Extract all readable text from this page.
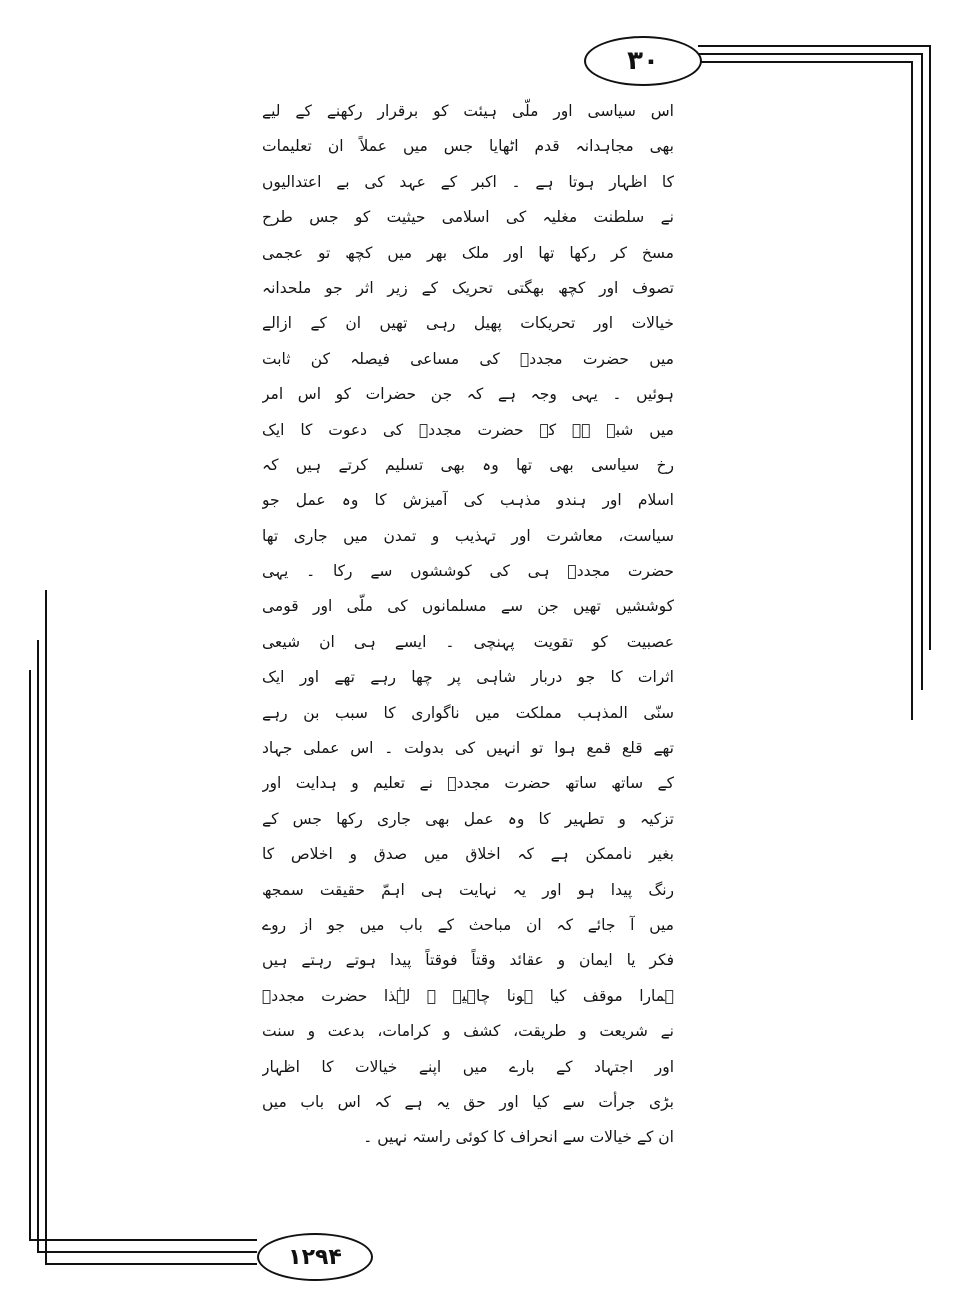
۳۰
۱۲۹۴
اس سیاسی اور ملّی ہیئت کو برقرار رکھنے کے لیے
بھی مجاہدانہ قدم اٹھایا جس میں عملاً ان تعلیمات
کا اظہار ہوتا ہے ۔ اکبر کے عہد کی بے اعتدالیوں
نے سلطنت مغلیہ کی اسلامی حیثیت کو جس طرح
مسخ کر رکھا تھا اور ملک بھر میں کچھ تو عجمی
تصوف اور کچھ بھگتی تحریک کے زیر اثر جو ملحدانہ
خیالات اور تحریکات پھیل رہی تھیں ان کے ازالے
میں حضرت مجددؒ کی مساعی فیصلہ کن ثابت
ہوئیں ۔ یہی وجہ ہے کہ جن حضرات کو اس امر
میں شبہ ہے کہ حضرت مجددؒ کی دعوت کا ایک
رخ سیاسی بھی تھا وہ بھی تسلیم کرتے ہیں کہ
اسلام اور ہندو مذہب کی آمیزش کا وہ عمل جو
سیاست، معاشرت اور تہذیب و تمدن میں جاری تھا
حضرت مجددؒ ہی کی کوششوں سے رکا ۔ یہی
کوششیں تھیں جن سے مسلمانوں کی ملّی اور قومی
عصبیت کو تقویت پہنچی ۔ ایسے ہی ان شیعی
اثرات کا جو دربار شاہی پر چھا رہے تھے اور ایک
سنّی المذہب مملکت میں ناگواری کا سبب بن رہے
تھے قلع قمع ہوا تو انہیں کی بدولت ۔ اس عملی جہاد
کے ساتھ ساتھ حضرت مجددؒ نے تعلیم و ہدایت اور
تزکیہ و تطہیر کا وہ عمل بھی جاری رکھا جس کے
بغیر ناممکن ہے کہ اخلاق میں صدق و اخلاص کا
رنگ پیدا ہو اور یہ نہایت ہی اہمّ حقیقت سمجھ
میں آ جائے کہ ان مباحث کے باب میں جو از روے
فکر یا ایمان و عقائد وقتاً فوقتاً پیدا ہوتے رہتے ہیں
ہمارا موقف کیا ہونا چاہیے ۔ لہٰذا حضرت مجددؒ
نے شریعت و طریقت، کشف و کرامات، بدعت و سنت
اور اجتہاد کے بارے میں اپنے خیالات کا اظہار
بڑی جرأت سے کیا اور حق یہ ہے کہ اس باب میں
ان کے خیالات سے انحراف کا کوئی راستہ نہیں ۔
